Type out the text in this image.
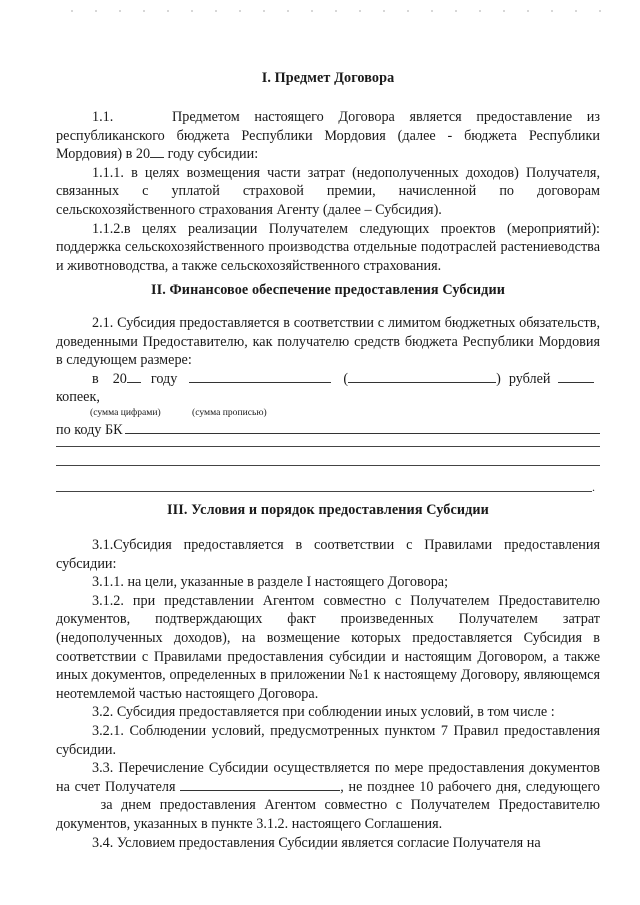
I. Предмет Договора

1.1.	Предметом настоящего Договора является предоставление из республиканского бюджета Республики Мордовия (далее - бюджета Республики Мордовия) в 20 году субсидии:

1.1.1. в целях возмещения части затрат (недополученных доходов) Получателя, связанных с уплатой страховой премии, начисленной по договорам сельскохозяйственного страхования Агенту (далее – Субсидия).

1.1.2.в целях реализации Получателем следующих проектов (мероприятий): поддержка сельскохозяйственного производства отдельные подотраслей растениеводства и животноводства, а также сельскохозяйственного страхования.

II. Финансовое обеспечение предоставления Субсидии

2.1. Субсидия предоставляется в соответствии с лимитом бюджетных обязательств, доведенными Предоставителю, как получателю средств бюджета Республики Мордовия в следующем размере:

в 20 году	(	) рублей

копеек,

(сумма цифрами)	(сумма прописью)
по коду БК
.

III. Условия и порядок предоставления Субсидии

3.1.Субсидия предоставляется в соответствии с Правилами предоставления субсидии:

3.1.1. на цели, указанные в разделе I настоящего Договора;

3.1.2. при представлении Агентом совместно с Получателем Предоставителю документов, подтверждающих факт произведенных Получателем затрат (недополученных доходов), на возмещение которых предоставляется Субсидия в соответствии с Правилами предоставления субсидии и настоящим Договором, а также иных документов, определенных в приложении №1 к настоящему Договору, являющемся неотемлемой частью настоящего Договора.

3.2. Субсидия предоставляется при соблюдении иных условий, в том числе :

3.2.1. Соблюдении условий, предусмотренных пунктом 7 Правил предоставления субсидии.

3.3. Перечисление Субсидии осуществляется по мере предоставления документов на счет Получателя	, не позднее 10 рабочего дня, следующего  за днем предоставления Агентом совместно с Получателем Предоставителю документов, указанных в пункте 3.1.2. настоящего Соглашения.

3.4. Условием предоставления Субсидии является согласие Получателя на
